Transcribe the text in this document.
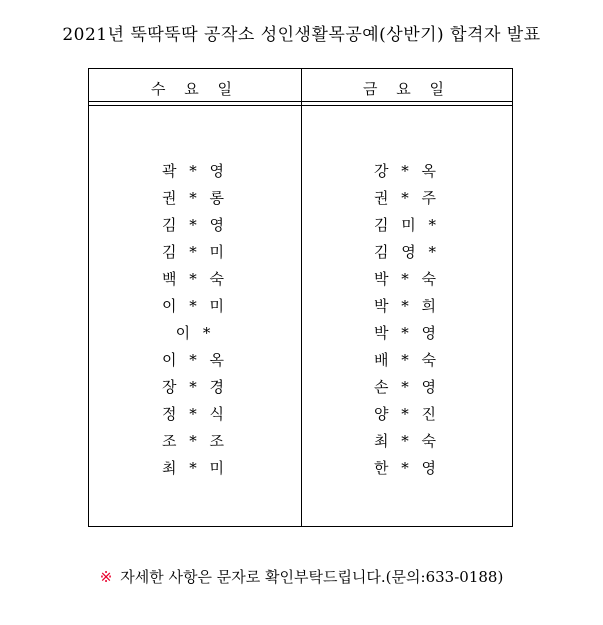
2021년 뚝딱뚝딱 공작소 성인생활목공예(상반기) 합격자 발표
수 요 일	금 요 일
곽 * 영
권 * 롱
김 * 영
김 * 미
백 * 숙
이 * 미
이 *
이 * 옥
장 * 경
정 * 식
조 * 조
최 * 미
강 * 옥
권 * 주
김 미 *
김 영 *
박 * 숙
박 * 희
박 * 영
배 * 숙
손 * 영
양 * 진
최 * 숙
한 * 영
※ 자세한 사항은 문자로 확인부탁드립니다.(문의:633-0188)
